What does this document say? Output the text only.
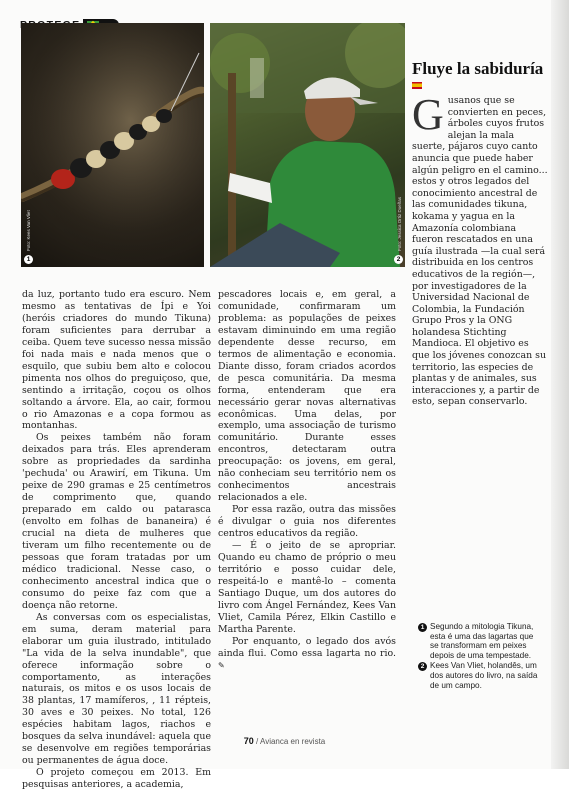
1
Foto: Kees Van Vliet
2
Foto: Jessica Ortiz Dueñas

da luz, portanto tudo era escuro. Nem mesmo as tentativas de Ípi e Yoi (heróis criadores do mundo Tikuna) foram suficientes para derrubar a ceiba. Quem teve sucesso nessa missão foi nada mais e nada menos que o esquilo, que subiu bem alto e colocou pimenta nos olhos do preguiçoso, que, sentindo a irritação, coçou os olhos soltando a árvore. Ela, ao cair, formou o rio Amazonas e a copa formou as montanhas.

Os peixes também não foram deixados para trás. Eles aprenderam sobre as propriedades da sardinha 'pechuda' ou Arawirí, em Tikuna. Um peixe de 290 gramas e 25 centímetros de comprimento que, quando preparado em caldo ou patarasca (envolto em folhas de bananeira) é crucial na dieta de mulheres que tiveram um filho recentemente ou de pessoas que foram tratadas por um médico tradicional. Nesse caso, o conhecimento ancestral indica que o consumo do peixe faz com que a doença não retorne.

As conversas com os especialistas, em suma, deram material para elaborar um guia ilustrado, intitulado "La vida de la selva inundable", que oferece informação sobre o comportamento, as interações naturais, os mitos e os usos locais de 38 plantas, 17 mamíferos, , 11 répteis, 30 aves e 30 peixes. No total, 126 espécies habitam lagos, riachos e bosques da selva inundável: aquela que se desenvolve em regiões temporárias ou permanentes de água doce.

O projeto começou em 2013. Em pesquisas anteriores, a academia,

pescadores locais e, em geral, a comunidade, confirmaram um problema: as populações de peixes estavam diminuindo em uma região dependente desse recurso, em termos de alimentação e economia. Diante disso, foram criados acordos de pesca comunitária. Da mesma forma, entenderam que era necessário gerar novas alternativas econômicas. Uma delas, por exemplo, uma associação de turismo comunitário. Durante esses encontros, detectaram outra preocupação: os jovens, em geral, não conheciam seu território nem os conhecimentos ancestrais relacionados a ele.

Por essa razão, outra das missões é divulgar o guia nos diferentes centros educativos da região.

— É o jeito de se apropriar. Quando eu chamo de próprio o meu território e posso cuidar dele, respeitá-lo e mantê-lo – comenta Santiago Duque, um dos autores do livro com Ángel Fernández, Kees Van Vliet, Camila Pérez, Elkin Castillo e Martha Parente.

Por enquanto, o legado dos avós ainda flui. Como essa lagarta no rio. ✎

Fluye la sabiduría
Gusanos que se convierten en peces, árboles cuyos frutos alejan la mala suerte, pájaros cuyo canto anuncia que puede haber algún peligro en el camino... estos y otros legados del conocimiento ancestral de las comunidades tikuna, kokama y yagua en la Amazonía colombiana fueron rescatados en una guía ilustrada —la cual será distribuida en los centros educativos de la región—, por investigadores de la Universidad Nacional de Colombia, la Fundación Grupo Pros y la ONG holandesa Stichting Mandioca. El objetivo es que los jóvenes conozcan su territorio, las especies de plantas y de animales, sus interacciones y, a partir de esto, sepan conservarlo.
1 Segundo a mitologia Tikuna, esta é uma das lagartas que se transformam em peixes depois de uma tempestade.
2 Kees Van Vliet, holandês, um dos autores do livro, na saída de um campo.
70 / Avianca en revista
